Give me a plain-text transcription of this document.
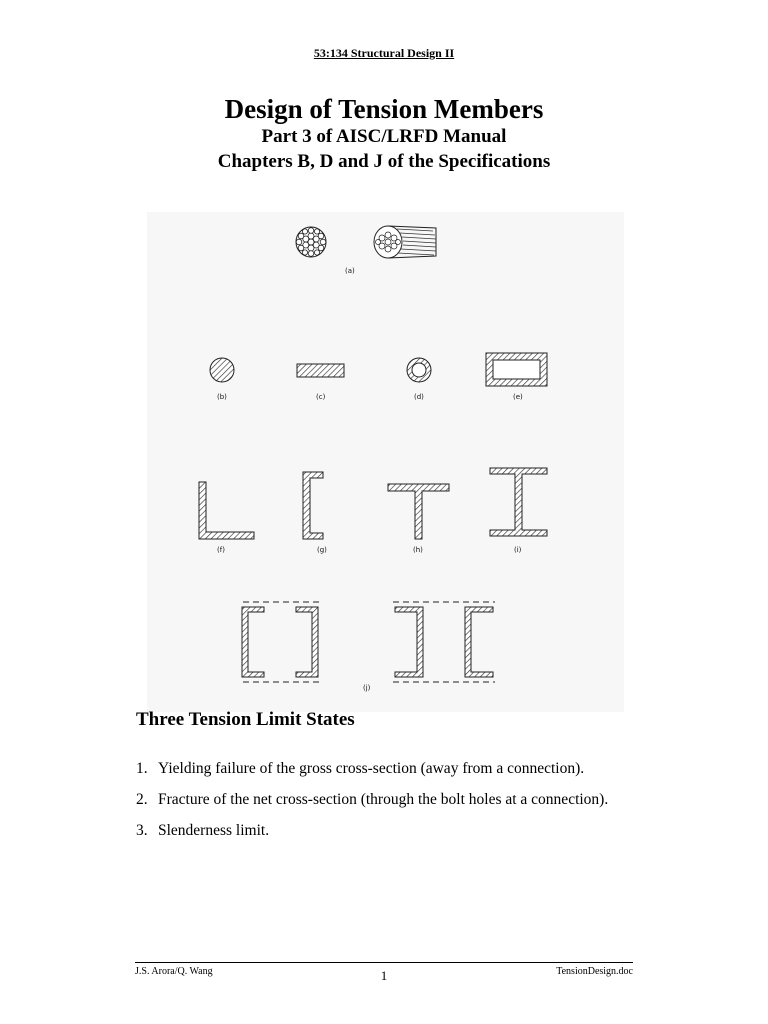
53:134 Structural Design II
Design of Tension Members
Part 3 of AISC/LRFD Manual
Chapters B, D and J of the Specifications
(a)
(b)	(c)	(d)	(e)
(f)	(g)	(h)	(i)
(j)
Three Tension Limit States
1. Yielding failure of the gross cross-section (away from a connection).
2. Fracture of the net cross-section (through the bolt holes at a connection).
3. Slenderness limit.
J.S. Arora/Q. Wang	1	TensionDesign.doc
